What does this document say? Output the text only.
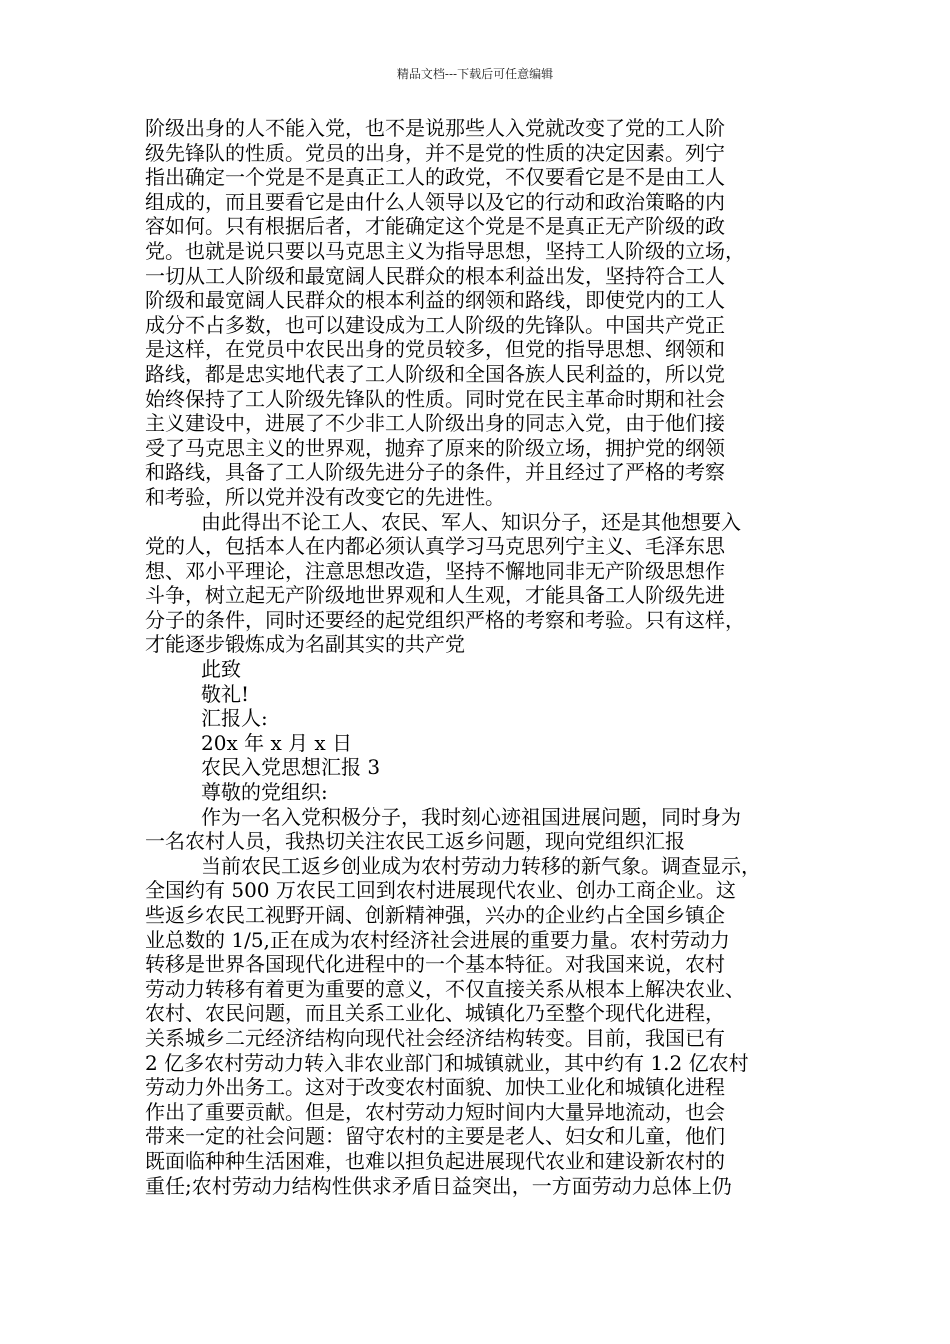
精品文档---下载后可任意编辑
阶级出身的人不能入党，也不是说那些人入党就改变了党的工人阶
级先锋队的性质。党员的出身，并不是党的性质的决定因素。列宁
指出确定一个党是不是真正工人的政党，不仅要看它是不是由工人
组成的，而且要看它是由什么人领导以及它的行动和政治策略的内
容如何。只有根据后者，才能确定这个党是不是真正无产阶级的政
党。也就是说只要以马克思主义为指导思想，坚持工人阶级的立场，
一切从工人阶级和最宽阔人民群众的根本利益出发，坚持符合工人
阶级和最宽阔人民群众的根本利益的纲领和路线，即使党内的工人
成分不占多数，也可以建设成为工人阶级的先锋队。中国共产党正
是这样，在党员中农民出身的党员较多，但党的指导思想、纲领和
路线，都是忠实地代表了工人阶级和全国各族人民利益的，所以党
始终保持了工人阶级先锋队的性质。同时党在民主革命时期和社会
主义建设中，进展了不少非工人阶级出身的同志入党，由于他们接
受了马克思主义的世界观，抛弃了原来的阶级立场，拥护党的纲领
和路线，具备了工人阶级先进分子的条件，并且经过了严格的考察
和考验，所以党并没有改变它的先进性。
由此得出不论工人、农民、军人、知识分子，还是其他想要入
党的人，包括本人在内都必须认真学习马克思列宁主义、毛泽东思
想、邓小平理论，注意思想改造，坚持不懈地同非无产阶级思想作
斗争，树立起无产阶级地世界观和人生观，才能具备工人阶级先进
分子的条件，同时还要经的起党组织严格的考察和考验。只有这样，
才能逐步锻炼成为名副其实的共产党
此致
敬礼!
汇报人:
20x 年 x 月 x 日
农民入党思想汇报 3
尊敬的党组织:
作为一名入党积极分子，我时刻心迹祖国进展问题，同时身为
一名农村人员，我热切关注农民工返乡问题，现向党组织汇报
当前农民工返乡创业成为农村劳动力转移的新气象。调查显示，
全国约有 500 万农民工回到农村进展现代农业、创办工商企业。这
些返乡农民工视野开阔、创新精神强，兴办的企业约占全国乡镇企
业总数的 1/5,正在成为农村经济社会进展的重要力量。农村劳动力
转移是世界各国现代化进程中的一个基本特征。对我国来说，农村
劳动力转移有着更为重要的意义，不仅直接关系从根本上解决农业、
农村、农民问题，而且关系工业化、城镇化乃至整个现代化进程，
关系城乡二元经济结构向现代社会经济结构转变。目前，我国已有
2 亿多农村劳动力转入非农业部门和城镇就业，其中约有 1.2 亿农村
劳动力外出务工。这对于改变农村面貌、加快工业化和城镇化进程
作出了重要贡献。但是，农村劳动力短时间内大量异地流动，也会
带来一定的社会问题：留守农村的主要是老人、妇女和儿童，他们
既面临种种生活困难，也难以担负起进展现代农业和建设新农村的
重任;农村劳动力结构性供求矛盾日益突出，一方面劳动力总体上仍
